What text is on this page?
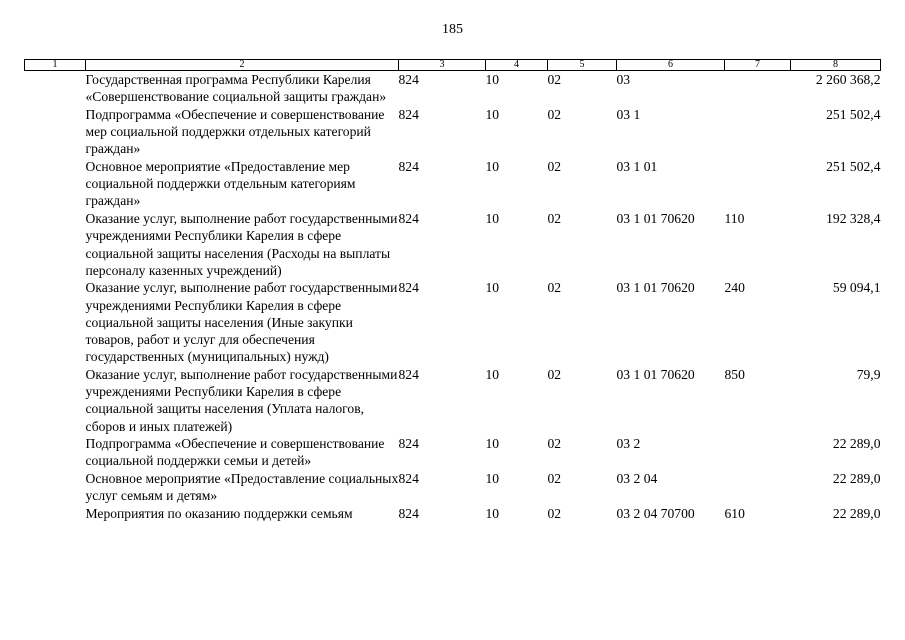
185
1	2	3	4	5	6	7	8
	Государственная программа Республики Карелия «Совершенствование социальной защиты граждан»	824	10	02	03		2 260 368,2
	Подпрограмма «Обеспечение и совершенствование мер социальной поддержки отдельных категорий граждан»	824	10	02	03 1		251 502,4
	Основное мероприятие «Предоставление мер социальной поддержки отдельным категориям граждан»	824	10	02	03 1 01		251 502,4
	Оказание услуг, выполнение работ государственными учреждениями Республики Карелия в сфере социальной защиты населения (Расходы на выплаты персоналу казенных учреждений)	824	10	02	03 1 01 70620	110	192 328,4
	Оказание услуг, выполнение работ государственными учреждениями Республики Карелия в сфере социальной защиты населения (Иные закупки товаров, работ и услуг для обеспечения государственных (муниципальных) нужд)	824	10	02	03 1 01 70620	240	59 094,1
	Оказание услуг, выполнение работ государственными учреждениями Республики Карелия в сфере социальной защиты населения (Уплата налогов, сборов и иных платежей)	824	10	02	03 1 01 70620	850	79,9
	Подпрограмма «Обеспечение и совершенствование социальной поддержки семьи и детей»	824	10	02	03 2		22 289,0
	Основное мероприятие «Предоставление социальных услуг семьям и детям»	824	10	02	03 2 04		22 289,0
	Мероприятия по оказанию поддержки семьям	824	10	02	03 2 04 70700	610	22 289,0
